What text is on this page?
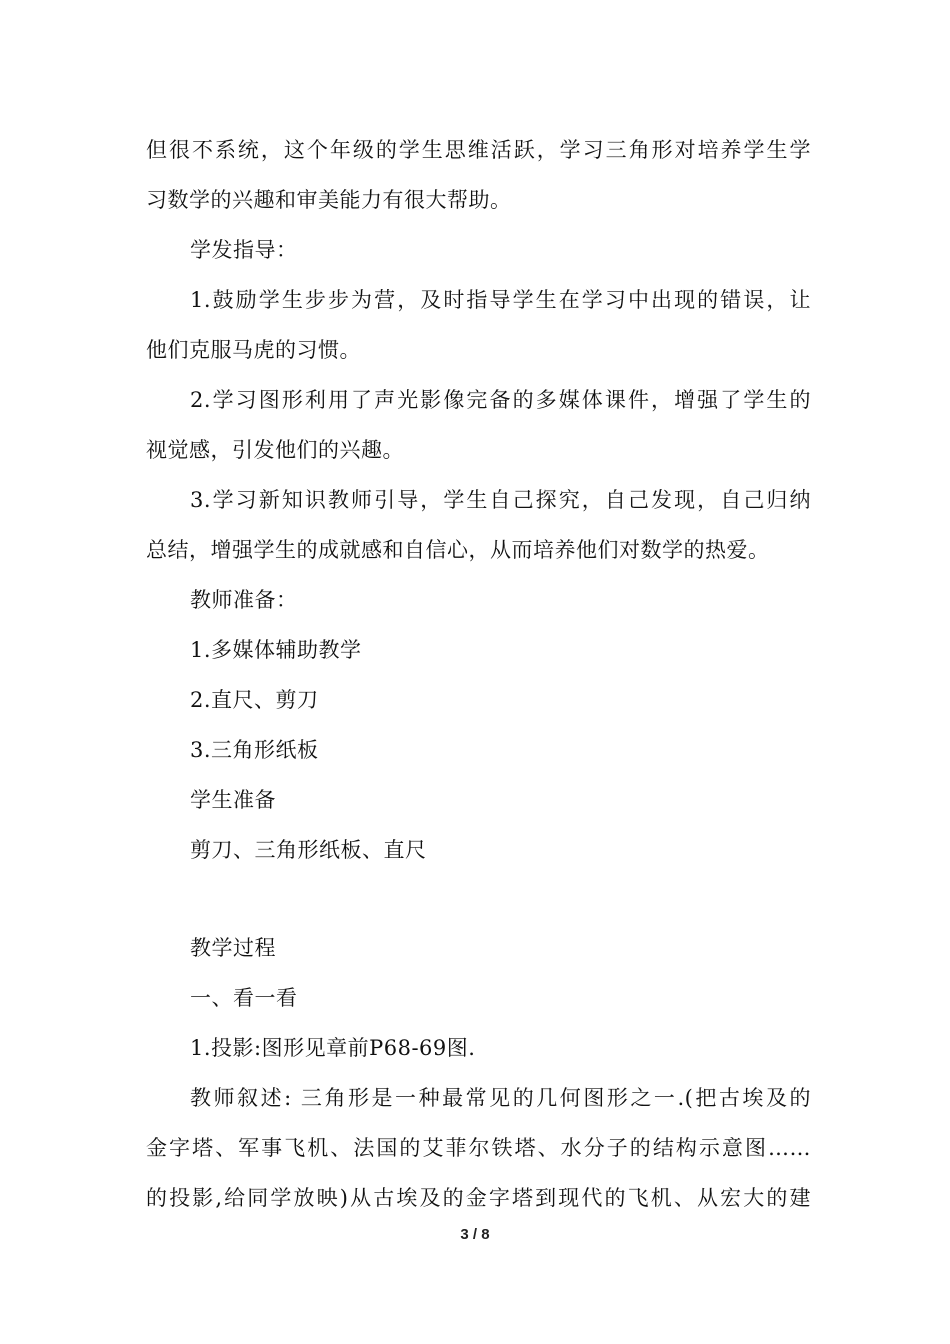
但很不系统，这个年级的学生思维活跃，学习三角形对培养学生学
习数学的兴趣和审美能力有很大帮助。
学发指导：
1.鼓励学生步步为营，及时指导学生在学习中出现的错误，让
他们克服马虎的习惯。
2.学习图形利用了声光影像完备的多媒体课件，增强了学生的
视觉感，引发他们的兴趣。
3.学习新知识教师引导，学生自己探究，自己发现，自己归纳
总结，增强学生的成就感和自信心，从而培养他们对数学的热爱。
教师准备：
1.多媒体辅助教学
2.直尺、剪刀
3.三角形纸板
学生准备
剪刀、三角形纸板、直尺
教学过程
一、看一看
1.投影:图形见章前P68-69图.
教师叙述: 三角形是一种最常见的几何图形之一.(把古埃及的
金字塔、军事飞机、法国的艾菲尔铁塔、水分子的结构示意图……
的投影,给同学放映)从古埃及的金字塔到现代的飞机、从宏大的建
3 / 8
